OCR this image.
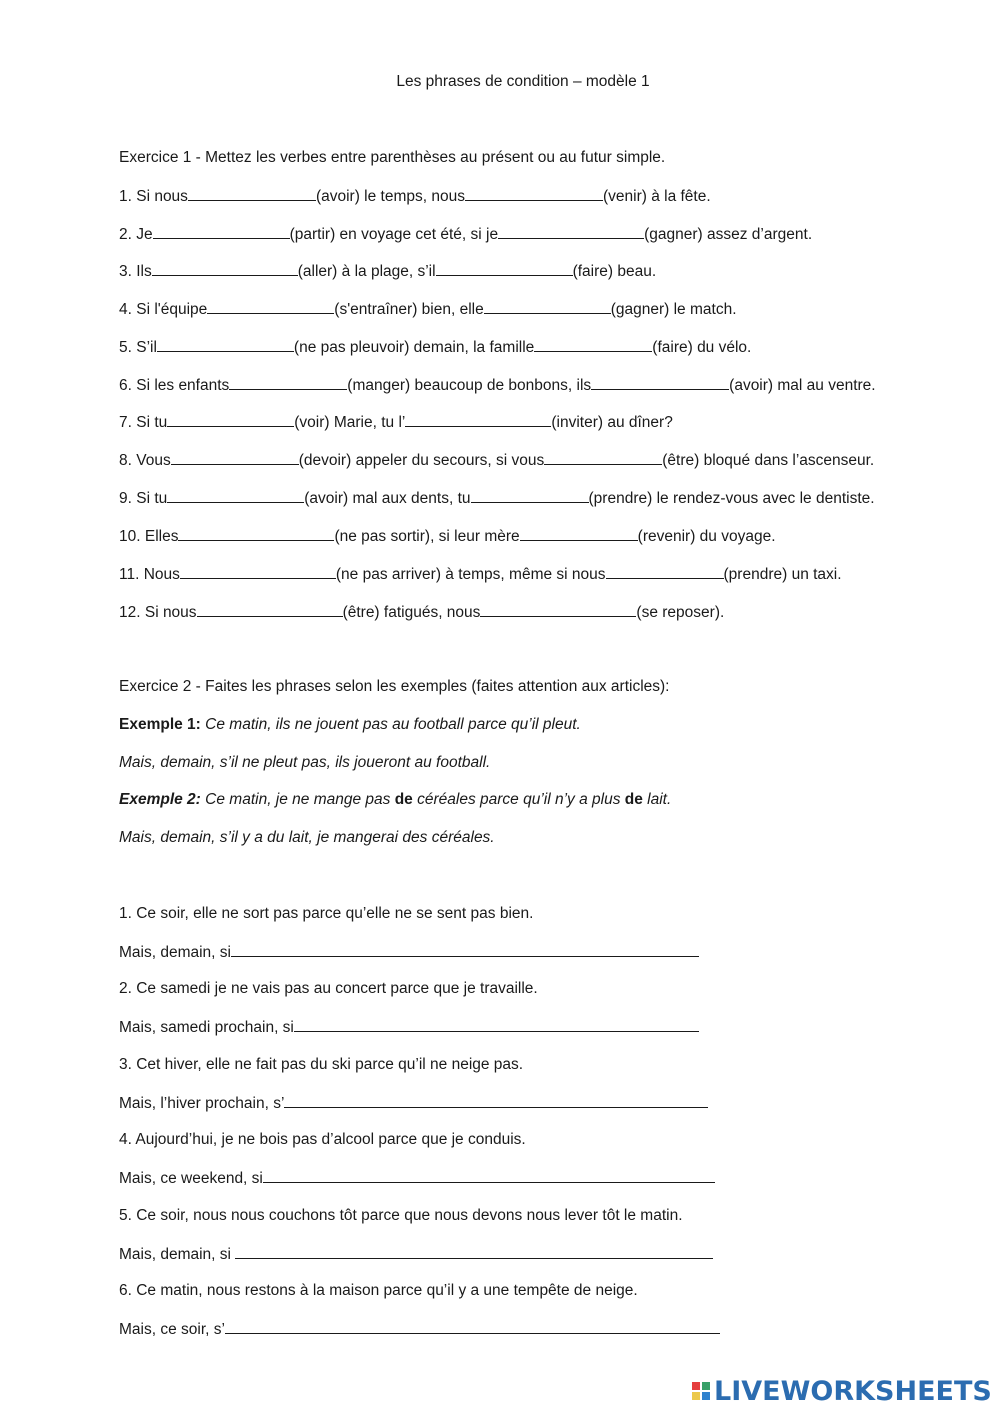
Les phrases de condition – modèle 1
Exercice 1 - Mettez les verbes entre parenthèses au présent ou au futur simple.
1. Si nous	(avoir) le temps, nous	(venir) à la fête.
2. Je	(partir) en voyage cet été, si je	(gagner) assez d’argent.
3. Ils	(aller) à la plage, s’il	(faire) beau.
4. Si l'équipe	(s'entraîner) bien, elle	(gagner) le match.
5. S’il	(ne pas pleuvoir) demain, la famille	(faire) du vélo.
6. Si les enfants	(manger) beaucoup de bonbons, ils	(avoir) mal au ventre.
7. Si tu	(voir) Marie, tu l’	(inviter) au dîner?
8. Vous	(devoir) appeler du secours, si vous	(être) bloqué dans l’ascenseur.
9. Si tu	(avoir) mal aux dents, tu	(prendre) le rendez-vous avec le dentiste.
10. Elles	(ne pas sortir), si leur mère	(revenir) du voyage.
11. Nous	(ne pas arriver) à temps, même si nous	(prendre) un taxi.
12. Si nous	(être) fatigués, nous	(se reposer).
Exercice 2 - Faites les phrases selon les exemples (faites attention aux articles):
Exemple 1: Ce matin, ils ne jouent pas au football parce qu’il pleut.
Mais, demain, s’il ne pleut pas, ils joueront au football.
Exemple 2: Ce matin, je ne mange pas de céréales parce qu’il n’y a plus de lait.
Mais, demain, s’il y a du lait, je mangerai des céréales.
1. Ce soir, elle ne sort pas parce qu’elle ne se sent pas bien.
Mais, demain, si
2. Ce samedi je ne vais pas au concert parce que je travaille.
Mais, samedi prochain, si
3. Cet hiver, elle ne fait pas du ski parce qu’il ne neige pas.
Mais, l’hiver prochain, s’
4. Aujourd’hui, je ne bois pas d’alcool parce que je conduis.
Mais, ce weekend, si
5. Ce soir, nous nous couchons tôt parce que nous devons nous lever tôt le matin.
Mais, demain, si
6. Ce matin, nous restons à la maison parce qu’il y a une tempête de neige.
Mais, ce soir, s’
LIVEWORKSHEETS
